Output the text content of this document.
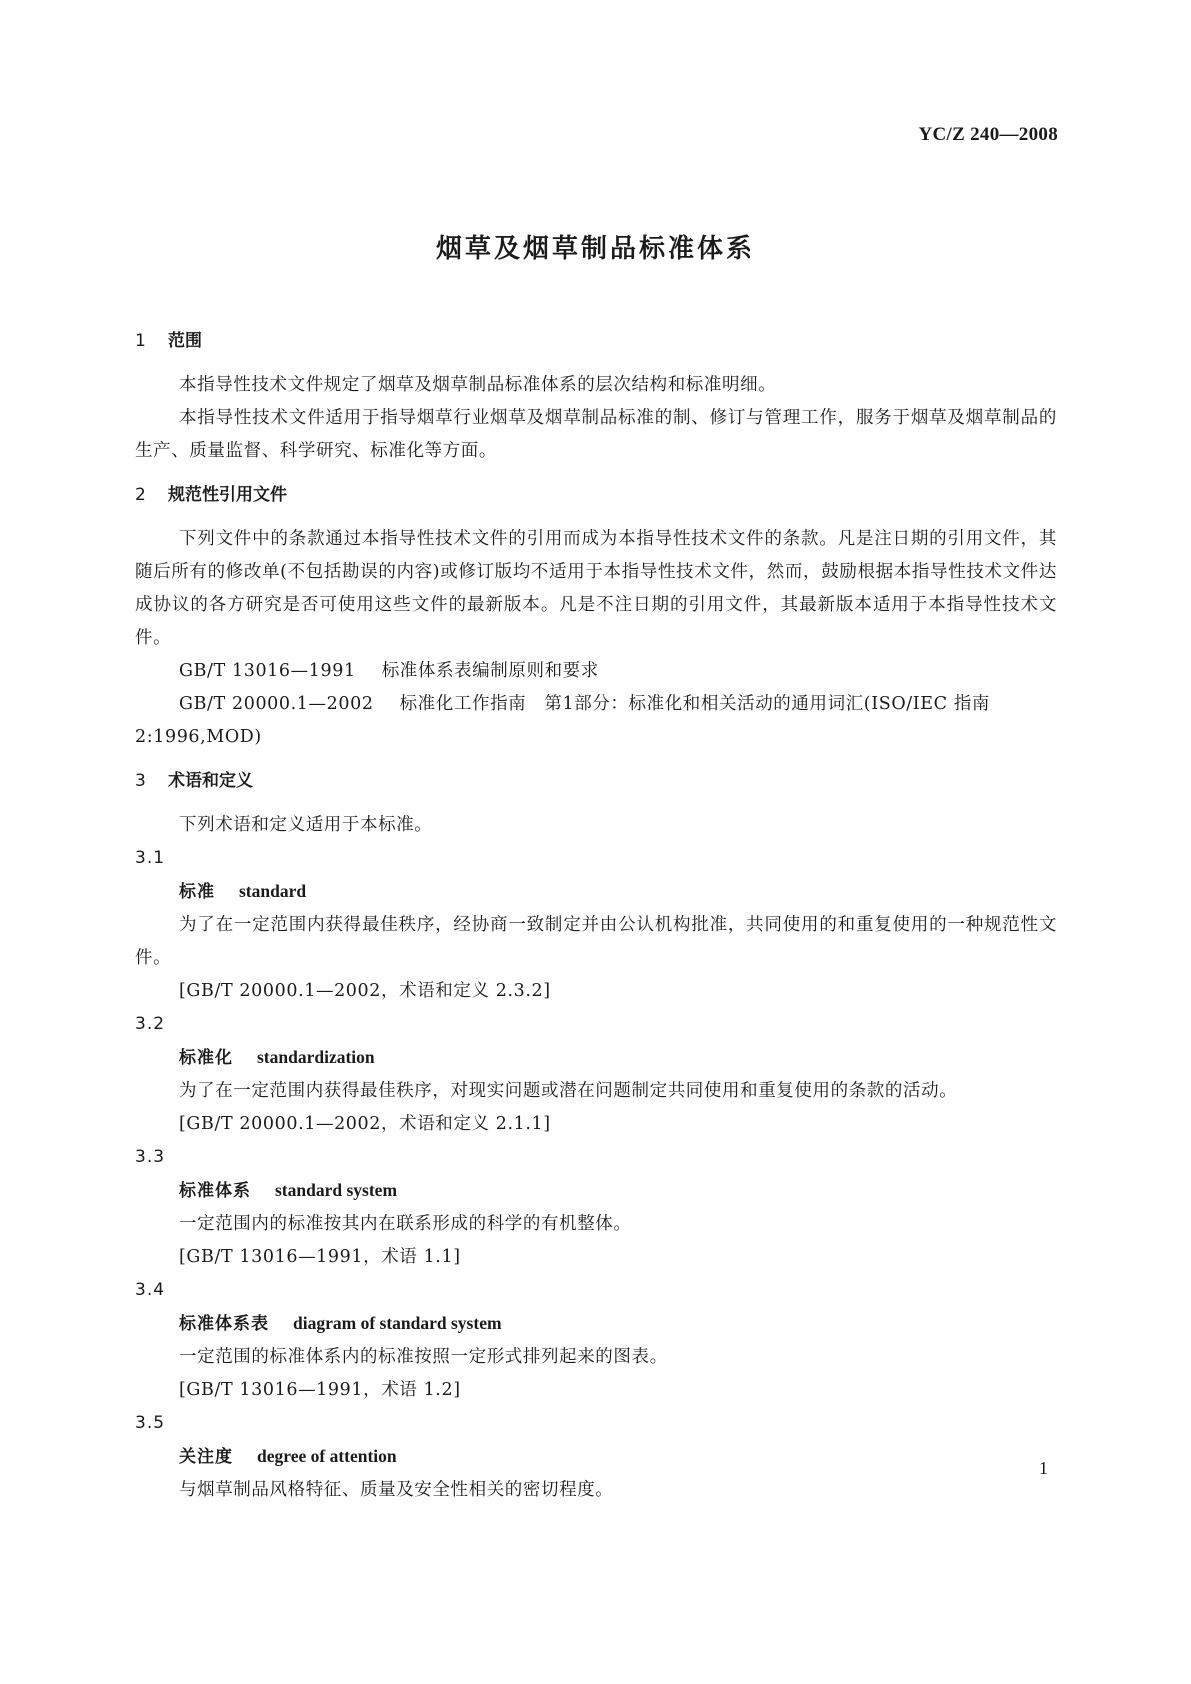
YC/Z 240—2008
烟草及烟草制品标准体系
1 范围

本指导性技术文件规定了烟草及烟草制品标准体系的层次结构和标准明细。

本指导性技术文件适用于指导烟草行业烟草及烟草制品标准的制、修订与管理工作，服务于烟草及烟草制品的生产、质量监督、科学研究、标准化等方面。

2 规范性引用文件

下列文件中的条款通过本指导性技术文件的引用而成为本指导性技术文件的条款。凡是注日期的引用文件，其随后所有的修改单(不包括勘误的内容)或修订版均不适用于本指导性技术文件，然而，鼓励根据本指导性技术文件达成协议的各方研究是否可使用这些文件的最新版本。凡是不注日期的引用文件，其最新版本适用于本指导性技术文件。

GB/T 13016—1991 标准体系表编制原则和要求

GB/T 20000.1—2002 标准化工作指南　第1部分：标准化和相关活动的通用词汇(ISO/IEC 指南2:1996,MOD)

3 术语和定义

下列术语和定义适用于本标准。

3.1

标准 standard

为了在一定范围内获得最佳秩序，经协商一致制定并由公认机构批准，共同使用的和重复使用的一种规范性文件。

[GB/T 20000.1—2002，术语和定义 2.3.2]

3.2

标准化 standardization

为了在一定范围内获得最佳秩序，对现实问题或潜在问题制定共同使用和重复使用的条款的活动。

[GB/T 20000.1—2002，术语和定义 2.1.1]

3.3

标准体系 standard system

一定范围内的标准按其内在联系形成的科学的有机整体。

[GB/T 13016—1991，术语 1.1]

3.4

标准体系表 diagram of standard system

一定范围的标准体系内的标准按照一定形式排列起来的图表。

[GB/T 13016—1991，术语 1.2]

3.5

关注度 degree of attention

与烟草制品风格特征、质量及安全性相关的密切程度。

1
